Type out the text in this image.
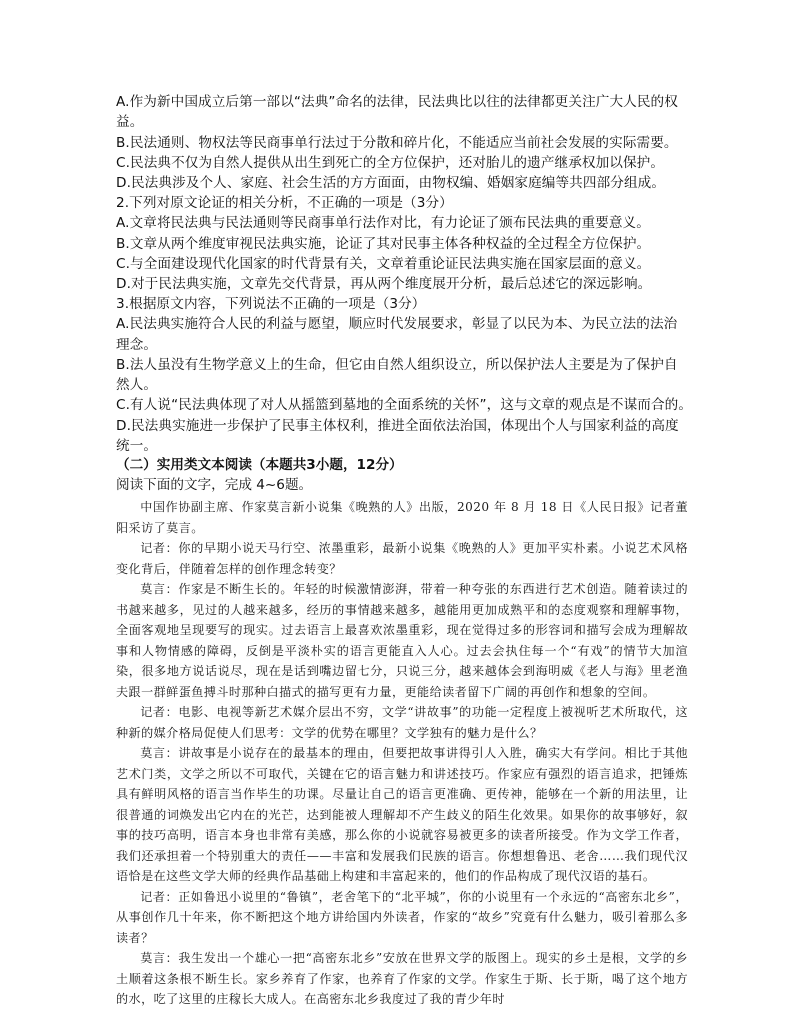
A.作为新中国成立后第一部以“法典”命名的法律，民法典比以往的法律都更关注广大人民的权

益。

B.民法通则、物权法等民商事单行法过于分散和碎片化，不能适应当前社会发展的实际需要。

C.民法典不仅为自然人提供从出生到死亡的全方位保护，还对胎儿的遗产继承权加以保护。

D.民法典涉及个人、家庭、社会生活的方方面面，由物权编、婚姻家庭编等共四部分组成。

2.下列对原文论证的相关分析，不正确的一项是（3分）

A.文章将民法典与民法通则等民商事单行法作对比，有力论证了颁布民法典的重要意义。

B.文章从两个维度审视民法典实施，论证了其对民事主体各种权益的全过程全方位保护。

C.与全面建设现代化国家的时代背景有关，文章着重论证民法典实施在国家层面的意义。

D.对于民法典实施，文章先交代背景，再从两个维度展开分析，最后总述它的深远影响。

3.根据原文内容，下列说法不正确的一项是（3分）

A.民法典实施符合人民的利益与愿望，顺应时代发展要求，彰显了以民为本、为民立法的法治

理念。

B.法人虽没有生物学意义上的生命，但它由自然人组织设立，所以保护法人主要是为了保护自

然人。

C.有人说“民法典体现了对人从摇篮到墓地的全面系统的关怀”，这与文章的观点是不谋而合的。

D.民法典实施进一步保护了民事主体权利，推进全面依法治国，体现出个人与国家利益的高度

统一。

（二）实用类文本阅读（本题共3小题，12分）
阅读下面的文字，完成 4~6题。

中国作协副主席、作家莫言新小说集《晚熟的人》出版，2020 年 8 月 18 日《人民日报》记者董阳采访了莫言。

记者：你的早期小说天马行空、浓墨重彩，最新小说集《晚熟的人》更加平实朴素。小说艺术风格变化背后，伴随着怎样的创作理念转变？

莫言：作家是不断生长的。年轻的时候激情澎湃，带着一种夸张的东西进行艺术创造。随着读过的书越来越多，见过的人越来越多，经历的事情越来越多，越能用更加成熟平和的态度观察和理解事物，全面客观地呈现要写的现实。过去语言上最喜欢浓墨重彩，现在觉得过多的形容词和描写会成为理解故事和人物情感的障碍，反倒是平淡朴实的语言更能直入人心。过去会执住每一个“有戏”的情节大加渲染，很多地方说话说尽，现在是话到嘴边留七分，只说三分，越来越体会到海明威《老人与海》里老渔夫跟一群鲜蛋鱼搏斗时那种白描式的描写更有力量，更能给读者留下广阔的再创作和想象的空间。

记者：电影、电视等新艺术媒介层出不穷，文学“讲故事”的功能一定程度上被视听艺术所取代，这种新的媒介格局促使人们思考：文学的优势在哪里？文学独有的魅力是什么？

莫言：讲故事是小说存在的最基本的理由，但要把故事讲得引人入胜，确实大有学问。相比于其他艺术门类，文学之所以不可取代，关键在它的语言魅力和讲述技巧。作家应有强烈的语言追求，把锤炼具有鲜明风格的语言当作毕生的功课。尽量让自己的语言更准确、更传神，能够在一个新的用法里，让很普通的词焕发出它内在的光芒，达到能被人理解却不产生歧义的陌生化效果。如果你的故事够好，叙事的技巧高明，语言本身也非常有美感，那么你的小说就容易被更多的读者所接受。作为文学工作者，我们还承担着一个特别重大的责任——丰富和发展我们民族的语言。你想想鲁迅、老舍……我们现代汉语恰是在这些文学大师的经典作品基础上构建和丰富起来的，他们的作品构成了现代汉语的基石。

记者：正如鲁迅小说里的“鲁镇”，老舍笔下的“北平城”，你的小说里有一个永远的“高密东北乡”，从事创作几十年来，你不断把这个地方讲给国内外读者，作家的“故乡”究竟有什么魅力，吸引着那么多读者？

莫言：我生发出一个雄心一把“高密东北乡”安放在世界文学的版图上。现实的乡土是根，文学的乡土顺着这条根不断生长。家乡养育了作家，也养育了作家的文学。作家生于斯、长于斯，喝了这个地方的水，吃了这里的庄稼长大成人。在高密东北乡我度过了我的青少年时
